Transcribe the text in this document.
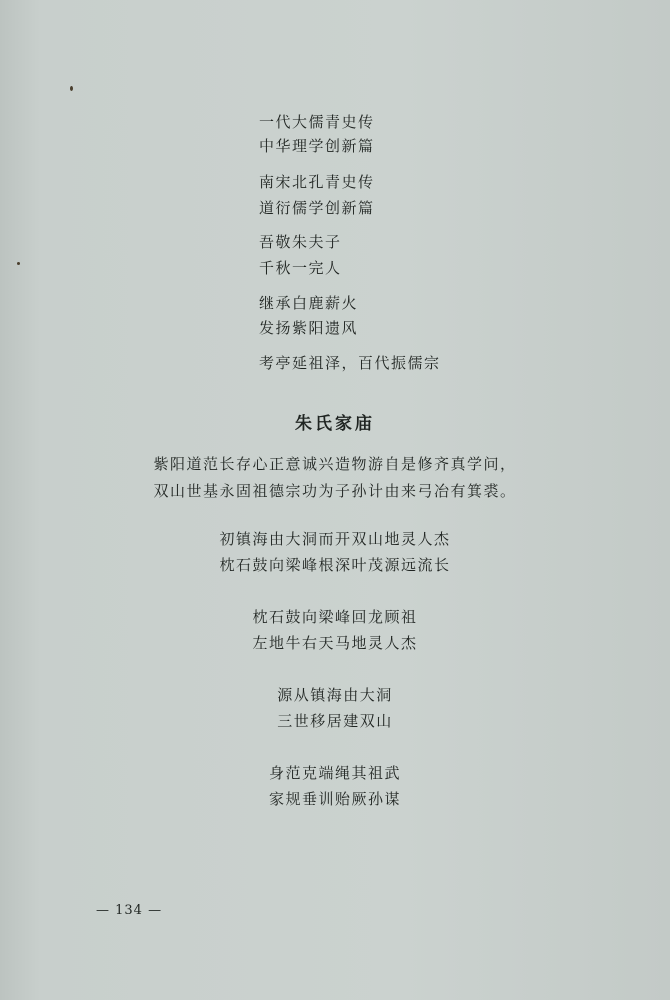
一代大儒青史传

中华理学创新篇

南宋北孔青史传

道衍儒学创新篇

吾敬朱夫子

千秋一完人

继承白鹿薪火

发扬紫阳遗风

考亭延祖泽，百代振儒宗

朱氏家庙

紫阳道范长存心正意诚兴造物游自是修齐真学问，

双山世基永固祖德宗功为子孙计由来弓冶有箕裘。

初镇海由大洞而开双山地灵人杰

枕石鼓向梁峰根深叶茂源远流长

枕石鼓向梁峰回龙顾祖

左地牛右天马地灵人杰

源从镇海由大洞

三世移居建双山

身范克端绳其祖武

家规垂训贻厥孙谋

— 134 —
